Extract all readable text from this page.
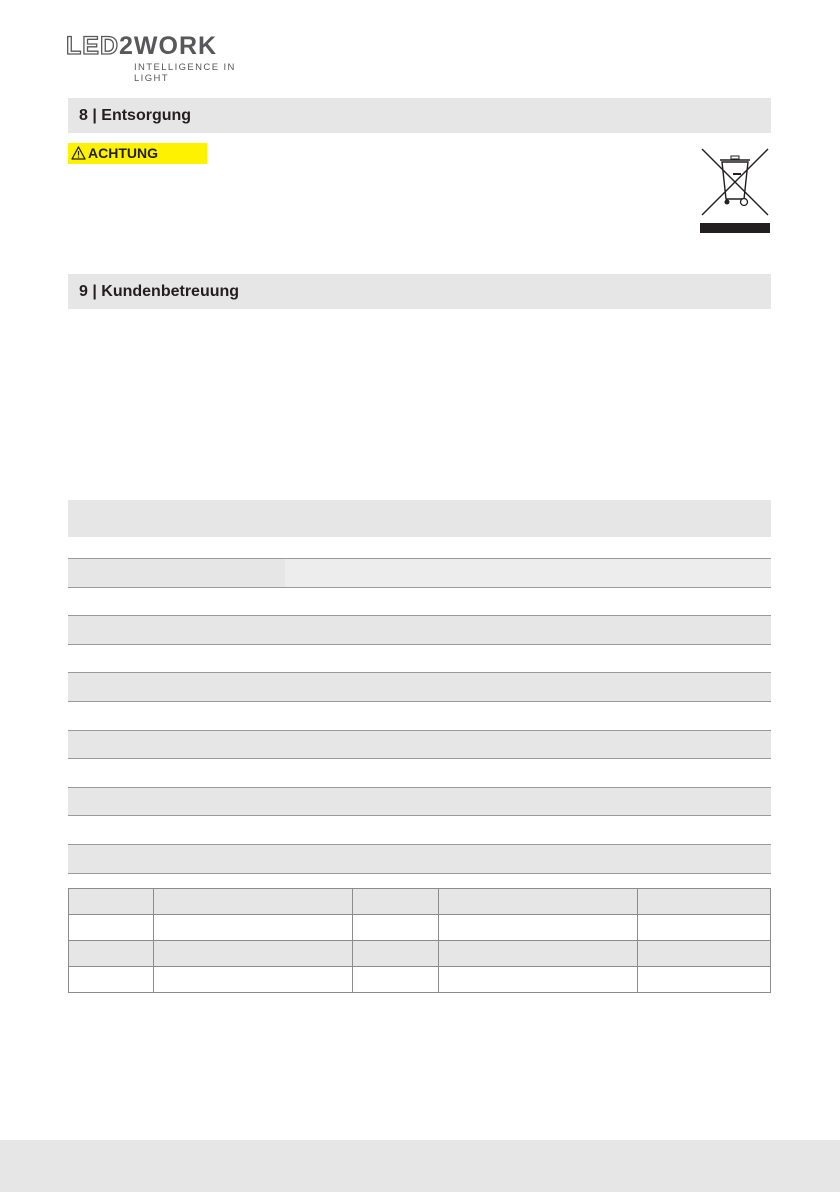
LED2WORK
INTELLIGENCE IN LIGHT
8 | Entsorgung
ACHTUNG
9 | Kundenbetreuung
